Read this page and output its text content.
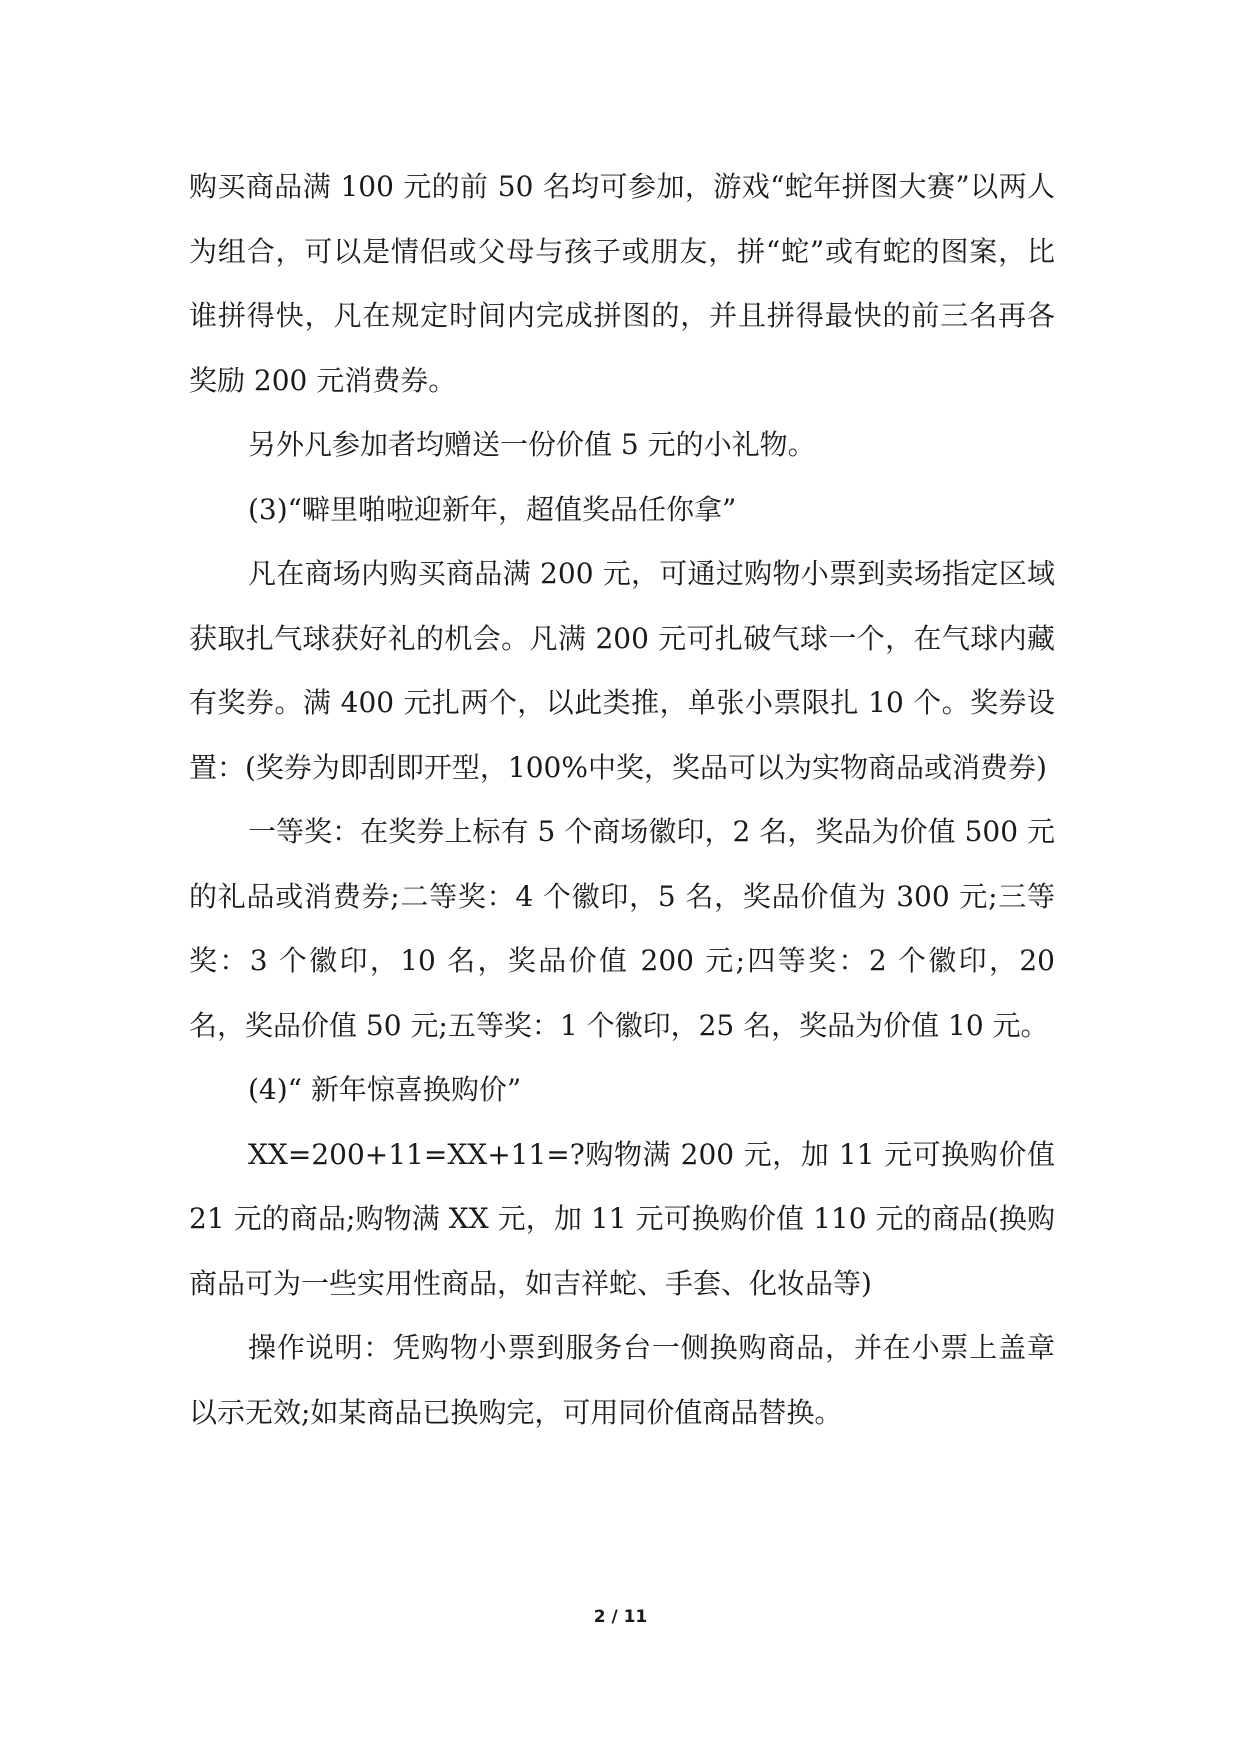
购买商品满 100 元的前 50 名均可参加，游戏“蛇年拼图大赛”以两人为组合，可以是情侣或父母与孩子或朋友，拼“蛇”或有蛇的图案，比谁拼得快，凡在规定时间内完成拼图的，并且拼得最快的前三名再各奖励 200 元消费券。

另外凡参加者均赠送一份价值 5 元的小礼物。

(3)“噼里啪啦迎新年，超值奖品任你拿”

凡在商场内购买商品满 200 元，可通过购物小票到卖场指定区域获取扎气球获好礼的机会。凡满 200 元可扎破气球一个，在气球内藏有奖券。满 400 元扎两个，以此类推，单张小票限扎 10 个。奖券设置：(奖券为即刮即开型，100%中奖，奖品可以为实物商品或消费券)

一等奖：在奖券上标有 5 个商场徽印，2 名，奖品为价值 500 元的礼品或消费券;二等奖：4 个徽印，5 名，奖品价值为 300 元;三等奖：3 个徽印，10 名，奖品价值 200 元;四等奖：2 个徽印，20 名，奖品价值 50 元;五等奖：1 个徽印，25 名，奖品为价值 10 元。

(4)“ 新年惊喜换购价”

XX=200+11=XX+11=?购物满 200 元，加 11 元可换购价值 21 元的商品;购物满 XX 元，加 11 元可换购价值 110 元的商品(换购商品可为一些实用性商品，如吉祥蛇、手套、化妆品等)

操作说明：凭购物小票到服务台一侧换购商品，并在小票上盖章以示无效;如某商品已换购完，可用同价值商品替换。

2 / 11
